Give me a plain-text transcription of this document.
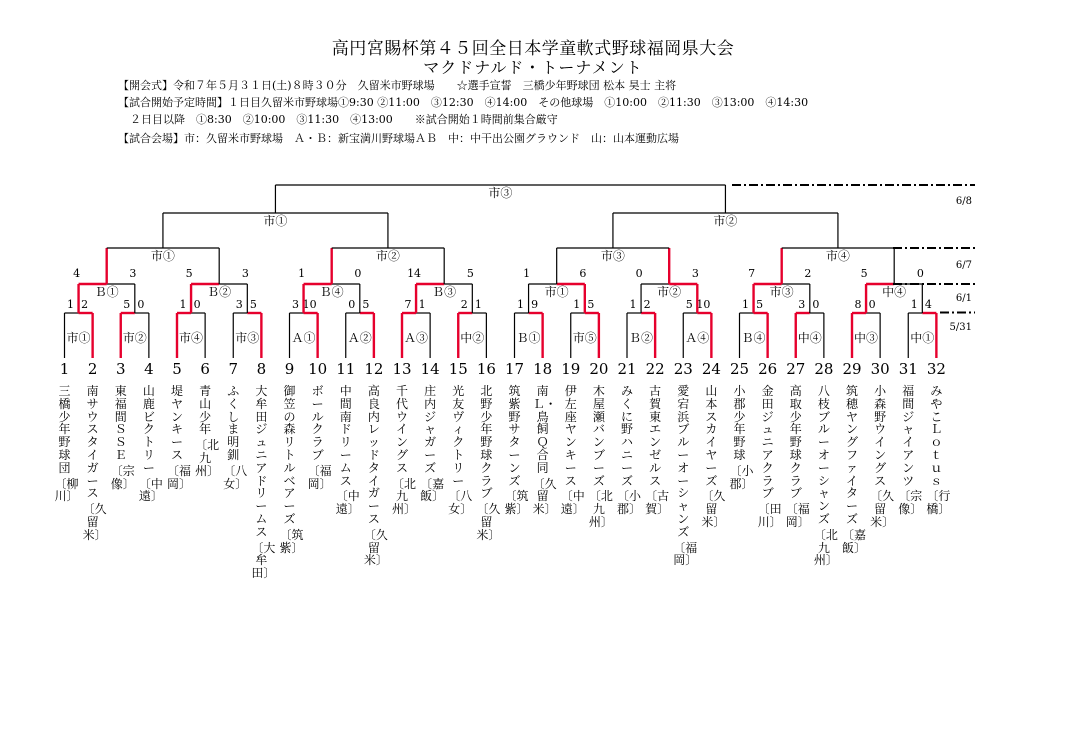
高円宮賜杯第４５回全日本学童軟式野球福岡県大会
マクドナルド・トーナメント
【開会式】令和７年５月３１日(土)８時３０分　久留米市野球場　　☆選手宣誓　三橋少年野球団 松本 昊士 主将
【試合開始予定時間】１日目久留米市野球場①9:30 ②11:00　③12:30　④14:00　その他球場　①10:00　②11:30　③13:00　④14:30
２日目以降　①8:30　②10:00　③11:30　④13:00　　※試合開始１時間前集合厳守
【試合会場】市：久留米市野球場　Ａ・Ｂ：新宝満川野球場ＡＢ　中：中干出公園グラウンド　山：山本運動広場
市①
1 2
市②
5 0
市④
1 0
市③
3 5
Ａ①
3 10
Ａ②
0 5
Ａ③
7 1
中②
2 1
Ｂ①
1 9
市⑤
1 5
Ｂ②
1 2
Ａ④
5 10
Ｂ④
1 5
中④
3 0
中③
8 0
中①
1 4
Ｂ①
4	3
Ｂ②
5	3
Ｂ④
1	0
Ｂ③
14	5
市①
1	6
市②
0	3
市③
7	2
中④
5	0
市①	市②	市③	市④
市①	市②
市③
6/8
6/7
6/1
5/31
1 2 3 4 5 6 7 8 9 10 11 12 13 14 15 16 17 18 19 20 21 22 23 24 25 26 27 28 29 30 31 32
三橋少年野球団
〔柳川〕
南サウスタイガース
〔久留米〕
東福間ＳＳＥ
〔宗像〕
山鹿ビクトリー
〔中遠〕
堤ヤンキース
〔福岡〕
青山少年
〔北九州〕
ふくしま明釧
〔八女〕
大牟田ジュニアドリームス
〔大牟田〕
御笠の森リトルベアーズ
〔筑紫〕
ボールクラブ
〔福岡〕
中間南ドリームス
〔中遠〕
高良内レッドタイガース
〔久留米〕
千代ウイングス
〔北九州〕
庄内ジャガーズ
〔嘉飯〕
光友ヴィクトリー
〔八女〕
北野少年野球クラブ
〔久留米〕
筑紫野サターンズ
〔筑紫〕
南Ｌ・鳥飼Ｑ合同
〔久留米〕
伊左座ヤンキース
〔中遠〕
木屋瀬バンブーズ
〔北九州〕
みくに野ハニーズ
〔小郡〕
古賀東エンゼルス
〔古賀〕
愛宕浜ブルーオーシャンズ
〔福岡〕
山本スカイヤーズ
〔久留米〕
小郡少年野球
〔小郡〕
金田ジュニアクラブ
〔田川〕
高取少年野球クラブ
〔福岡〕
八枝ブルーオーシャンズ
〔北九州〕
筑穂ヤングファイターズ
〔嘉飯〕
小森野ウイングス
〔久留米〕
福間ジャイアンツ
〔宗像〕
みやこＬｏｔｕｓ
〔行橋〕
